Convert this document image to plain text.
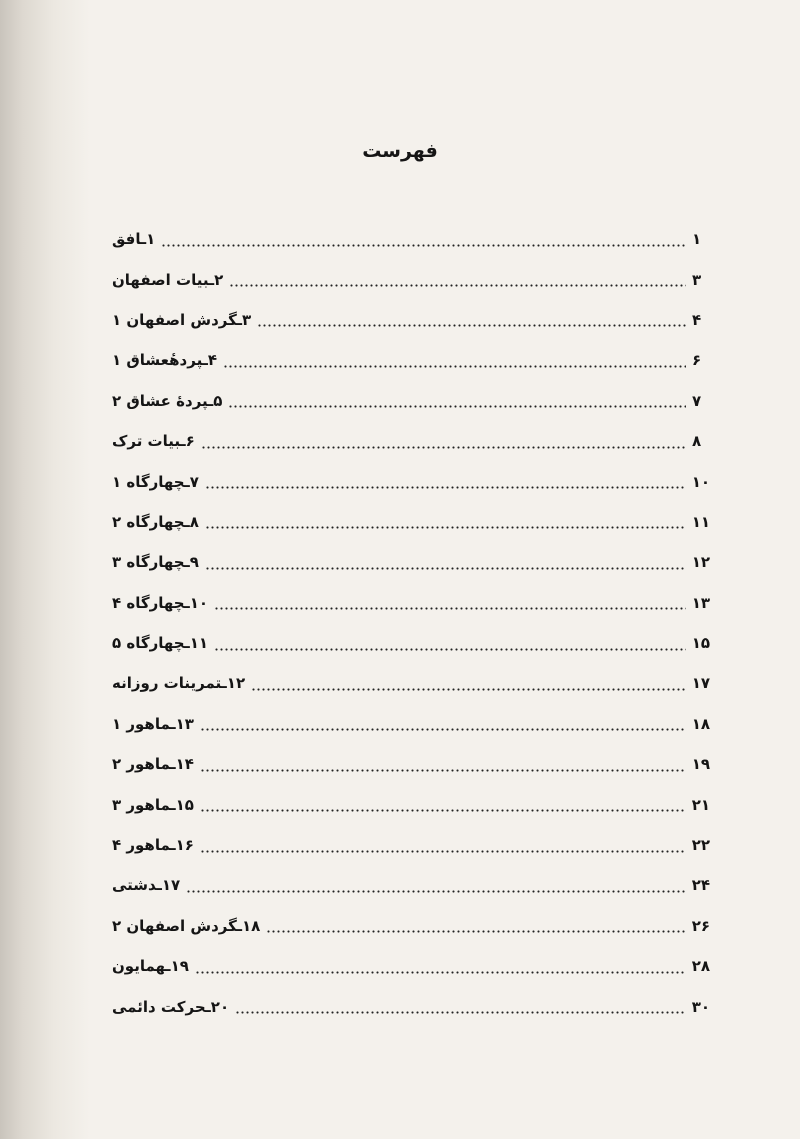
فهرست
۱ـافق	۱
۲ـبیات اصفهان	۳
۳ـگردش اصفهان ۱	۴
۴ـپردهٔعشاق ۱	۶
۵ـپردهٔ عشاق ۲	۷
۶ـبیات ترک	۸
۷ـچهارگاه ۱	۱۰
۸ـچهارگاه ۲	۱۱
۹ـچهارگاه ۳	۱۲
۱۰ـچهارگاه ۴	۱۳
۱۱ـچهارگاه ۵	۱۵
۱۲ـتمرینات روزانه	۱۷
۱۳ـماهور ۱	۱۸
۱۴ـماهور ۲	۱۹
۱۵ـماهور ۳	۲۱
۱۶ـماهور ۴	۲۲
۱۷ـدشتی	۲۴
۱۸ـگردش اصفهان ۲	۲۶
۱۹ـهمایون	۲۸
۲۰ـحرکت دائمی	۳۰
